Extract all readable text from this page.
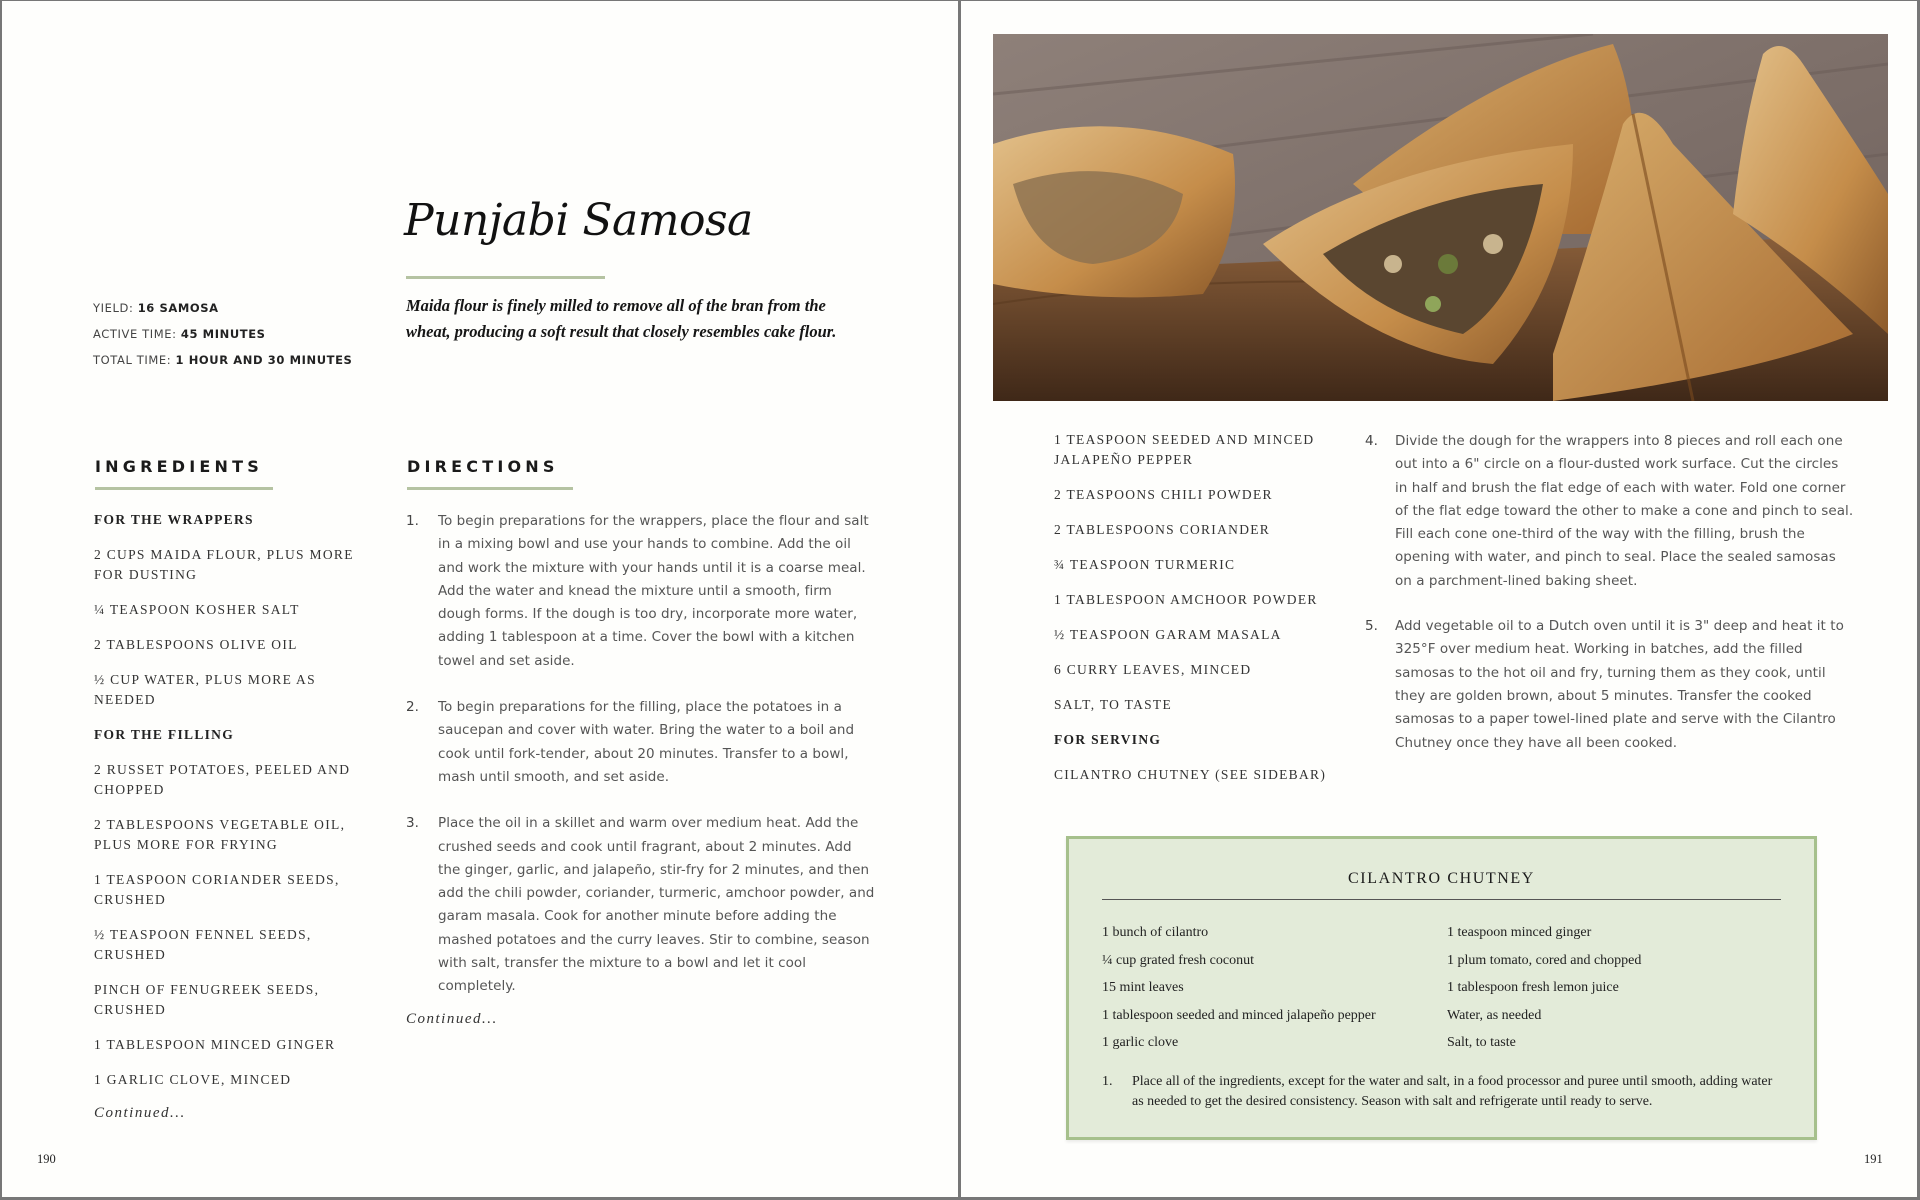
YIELD: 16 SAMOSA
ACTIVE TIME: 45 MINUTES
TOTAL TIME: 1 HOUR AND 30 MINUTES
Punjabi Samosa
Maida flour is finely milled to remove all of the bran from the wheat, producing a soft result that closely resembles cake flour.
INGREDIENTS	DIRECTIONS
FOR THE WRAPPERS
2 CUPS MAIDA FLOUR, PLUS MORE FOR DUSTING
¼ TEASPOON KOSHER SALT
2 TABLESPOONS OLIVE OIL
½ CUP WATER, PLUS MORE AS NEEDED
FOR THE FILLING
2 RUSSET POTATOES, PEELED AND CHOPPED
2 TABLESPOONS VEGETABLE OIL, PLUS MORE FOR FRYING
1 TEASPOON CORIANDER SEEDS, CRUSHED
½ TEASPOON FENNEL SEEDS, CRUSHED
PINCH OF FENUGREEK SEEDS, CRUSHED
1 TABLESPOON MINCED GINGER
1 GARLIC CLOVE, MINCED
Continued...
1.	To begin preparations for the wrappers, place the flour and salt in a mixing bowl and use your hands to combine. Add the oil and work the mixture with your hands until it is a coarse meal. Add the water and knead the mixture until a smooth, firm dough forms. If the dough is too dry, incorporate more water, adding 1 tablespoon at a time. Cover the bowl with a kitchen towel and set aside.
2.	To begin preparations for the filling, place the potatoes in a saucepan and cover with water. Bring the water to a boil and cook until fork-tender, about 20 minutes. Transfer to a bowl, mash until smooth, and set aside.
3.	Place the oil in a skillet and warm over medium heat. Add the crushed seeds and cook until fragrant, about 2 minutes. Add the ginger, garlic, and jalapeño, stir-fry for 2 minutes, and then add the chili powder, coriander, turmeric, amchoor powder, and garam masala. Cook for another minute before adding the mashed potatoes and the curry leaves. Stir to combine, season with salt, transfer the mixture to a bowl and let it cool completely.
Continued...
190
1 TEASPOON SEEDED AND MINCED JALAPEÑO PEPPER
2 TEASPOONS CHILI POWDER
2 TABLESPOONS CORIANDER
¾ TEASPOON TURMERIC
1 TABLESPOON AMCHOOR POWDER
½ TEASPOON GARAM MASALA
6 CURRY LEAVES, MINCED
SALT, TO TASTE
FOR SERVING
CILANTRO CHUTNEY (SEE SIDEBAR)
4.	Divide the dough for the wrappers into 8 pieces and roll each one out into a 6" circle on a flour-dusted work surface. Cut the circles in half and brush the flat edge of each with water. Fold one corner of the flat edge toward the other to make a cone and pinch to seal. Fill each cone one-third of the way with the filling, brush the opening with water, and pinch to seal. Place the sealed samosas on a parchment-lined baking sheet.
5.	Add vegetable oil to a Dutch oven until it is 3" deep and heat it to 325°F over medium heat. Working in batches, add the filled samosas to the hot oil and fry, turning them as they cook, until they are golden brown, about 5 minutes. Transfer the cooked samosas to a paper towel-lined plate and serve with the Cilantro Chutney once they have all been cooked.
CILANTRO CHUTNEY
1 bunch of cilantro
¼ cup grated fresh coconut
15 mint leaves
1 tablespoon seeded and minced jalapeño pepper
1 garlic clove
1 teaspoon minced ginger
1 plum tomato, cored and chopped
1 tablespoon fresh lemon juice
Water, as needed
Salt, to taste
1.	Place all of the ingredients, except for the water and salt, in a food processor and puree until smooth, adding water as needed to get the desired consistency. Season with salt and refrigerate until ready to serve.
191
